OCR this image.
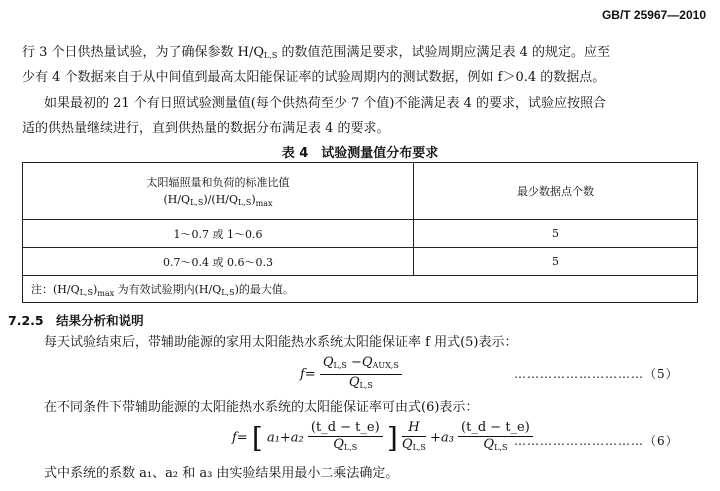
GB/T 25967—2010
行 3 个日供热量试验，为了确保参数 $H/Q_{L,S}$ 的数值范围满足要求，试验周期应满足表 4 的规定。应至
少有 4 个数据来自于从中间值到最高太阳能保证率的试验周期内的测试数据，例如 f＞0.4 的数据点。
如果最初的 21 个有日照试验测量值(每个供热荷至少 7 个值)不能满足表 4 的要求，试验应按照合
适的供热量继续进行，直到供热量的数据分布满足表 4 的要求。
表 4　试验测量值分布要求
太阳辐照量和负荷的标准比值
$(H/Q_{L,S})/(H/Q_{L,S})_{max}$	最少数据点个数
1～0.7 或 1～0.6	5
0.7～0.4 或 0.6～0.3	5
注：$(H/Q_{L,S})_{max}$ 为有效试验期内$(H/Q_{L,S})$的最大值。	
7.2.5　结果分析和说明
每天试验结束后，带辅助能源的家用太阳能热水系统太阳能保证率 f 用式(5)表示：
$f= \frac{Q_{L,S} -Q_{AUX,S}}{Q_{L,S}}$	…………………………（5）
在不同条件下带辅助能源的太阳能热水系统的太阳能保证率可由式(6)表示：
f= [ $a_1+a_2 \frac{(t\_d - t\_e)}{Q_{L,S}}$ ] $\frac{H}{Q_{L,S}} +a_3 \frac{(t\_d - t\_e)}{Q_{L,S}}$
…………………………（6）
式中系统的系数 a₁、a₂ 和 a₃ 由实验结果用最小二乘法确定。
